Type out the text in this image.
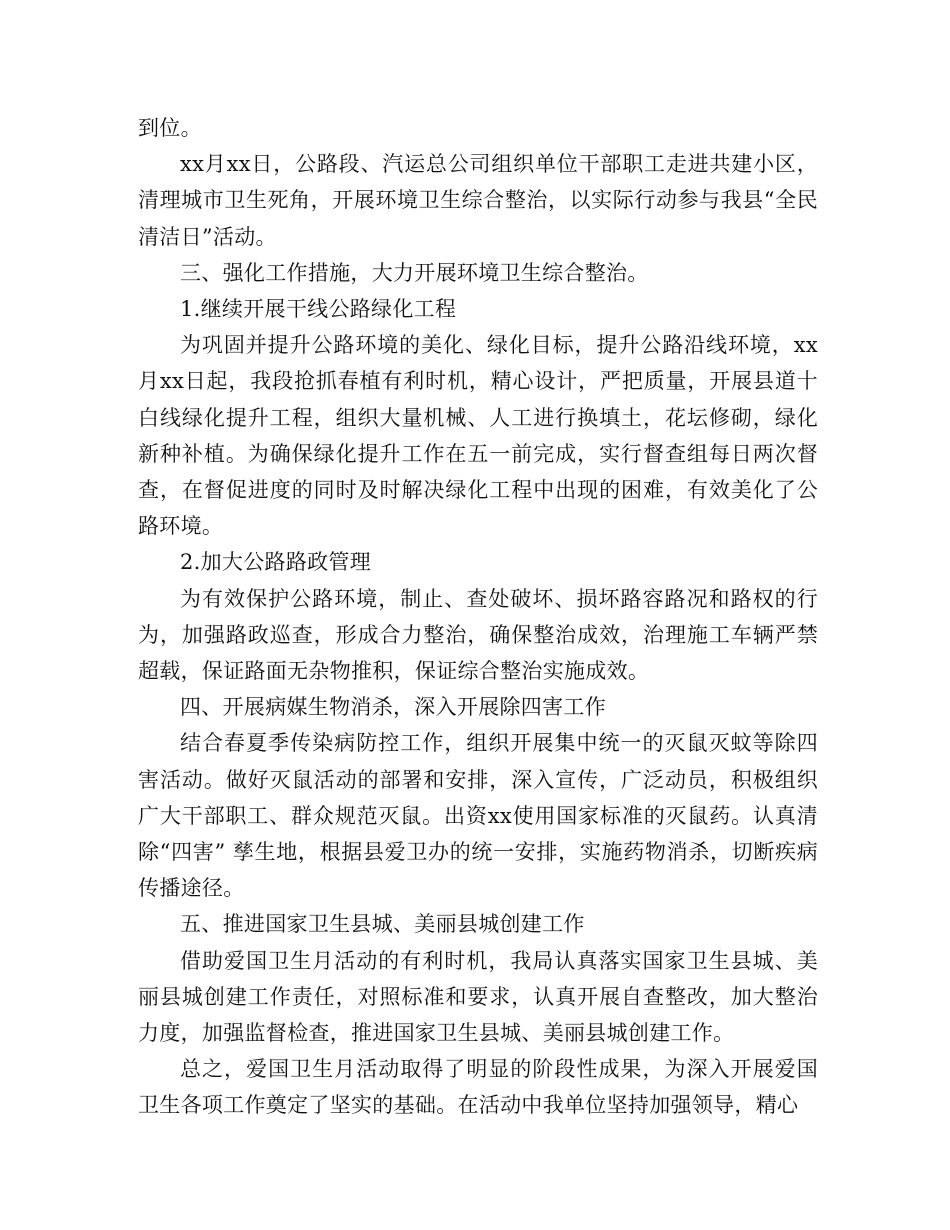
到位。

xx月xx日，公路段、汽运总公司组织单位干部职工走进共建小区，清理城市卫生死角，开展环境卫生综合整治，以实际行动参与我县“全民清洁日”活动。

三、强化工作措施，大力开展环境卫生综合整治。

1.继续开展干线公路绿化工程

为巩固并提升公路环境的美化、绿化目标，提升公路沿线环境，xx月xx日起，我段抢抓春植有利时机，精心设计，严把质量，开展县道十白线绿化提升工程，组织大量机械、人工进行换填土，花坛修砌，绿化新种补植。为确保绿化提升工作在五一前完成，实行督查组每日两次督查，在督促进度的同时及时解决绿化工程中出现的困难，有效美化了公路环境。

2.加大公路路政管理

为有效保护公路环境，制止、查处破坏、损坏路容路况和路权的行为，加强路政巡查，形成合力整治，确保整治成效，治理施工车辆严禁超载，保证路面无杂物推积，保证综合整治实施成效。

四、开展病媒生物消杀，深入开展除四害工作

结合春夏季传染病防控工作，组织开展集中统一的灭鼠灭蚊等除四害活动。做好灭鼠活动的部署和安排，深入宣传，广泛动员，积极组织广大干部职工、群众规范灭鼠。出资xx使用国家标准的灭鼠药。认真清除“四害” 孳生地，根据县爱卫办的统一安排，实施药物消杀，切断疾病传播途径。

五、推进国家卫生县城、美丽县城创建工作

借助爱国卫生月活动的有利时机，我局认真落实国家卫生县城、美丽县城创建工作责任，对照标准和要求，认真开展自查整改，加大整治力度，加强监督检查，推进国家卫生县城、美丽县城创建工作。

总之，爱国卫生月活动取得了明显的阶段性成果，为深入开展爱国卫生各项工作奠定了坚实的基础。在活动中我单位坚持加强领导，精心
